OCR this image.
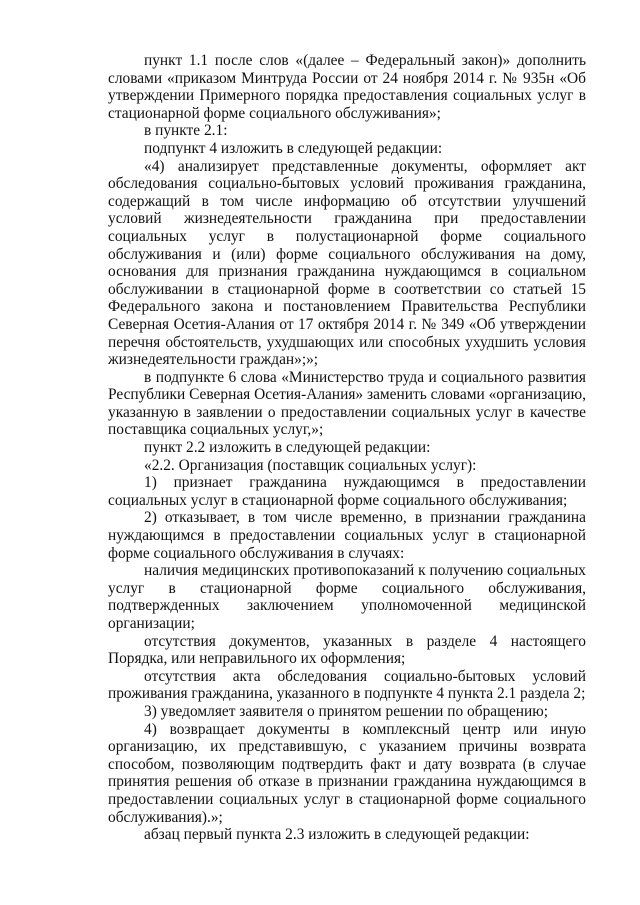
пункт 1.1 после слов «(далее – Федеральный закон)» дополнить словами «приказом Минтруда России от 24 ноября 2014 г. № 935н «Об утверждении Примерного порядка предоставления социальных услуг в стационарной форме социального обслуживания»;

в пункте 2.1:

подпункт 4 изложить в следующей редакции:

«4) анализирует представленные документы, оформляет акт обследования социально-бытовых условий проживания гражданина, содержащий в том числе информацию об отсутствии улучшений условий жизнедеятельности гражданина при предоставлении социальных услуг в полустационарной форме социального обслуживания и (или) форме социального обслуживания на дому, основания для признания гражданина нуждающимся в социальном обслуживании в стационарной форме в соответствии со статьей 15 Федерального закона и постановлением Правительства Республики Северная Осетия-Алания от 17 октября 2014 г. № 349 «Об утверждении перечня обстоятельств, ухудшающих или способных ухудшить условия жизнедеятельности граждан»;»;

в подпункте 6 слова «Министерство труда и социального развития Республики Северная Осетия-Алания» заменить словами «организацию, указанную в заявлении о предоставлении социальных услуг в качестве поставщика социальных услуг,»;

пункт 2.2 изложить в следующей редакции:

«2.2. Организация (поставщик социальных услуг):

1) признает гражданина нуждающимся в предоставлении социальных услуг в стационарной форме социального обслуживания;

2) отказывает, в том числе временно, в признании гражданина нуждающимся в предоставлении социальных услуг в стационарной форме социального обслуживания в случаях:

наличия медицинских противопоказаний к получению социальных услуг в стационарной форме социального обслуживания, подтвержденных заключением уполномоченной медицинской организации;

отсутствия документов, указанных в разделе 4 настоящего Порядка, или неправильного их оформления;

отсутствия акта обследования социально-бытовых условий проживания гражданина, указанного в подпункте 4 пункта 2.1 раздела 2;

3) уведомляет заявителя о принятом решении по обращению;

4) возвращает документы в комплексный центр или иную организацию, их представившую, с указанием причины возврата способом, позволяющим подтвердить факт и дату возврата (в случае принятия решения об отказе в признании гражданина нуждающимся в предоставлении социальных услуг в стационарной форме социального обслуживания).»;

абзац первый пункта 2.3 изложить в следующей редакции:
